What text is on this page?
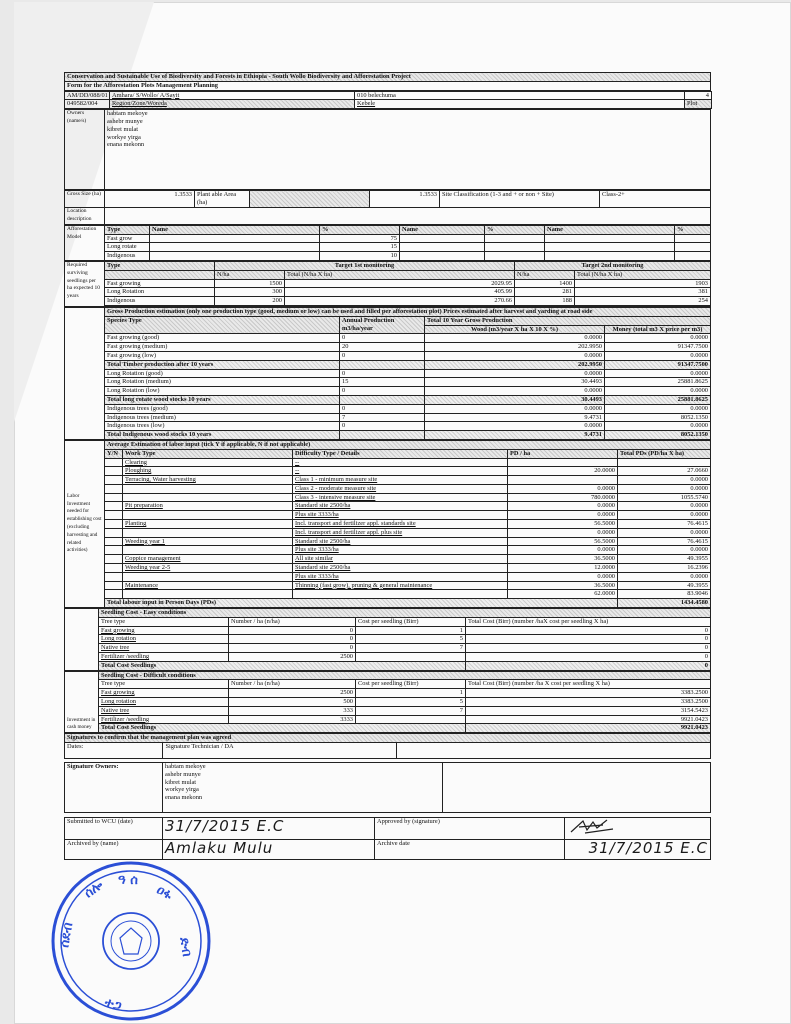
Conservation and Sustainable Use of Biodiversity and Forests in Ethiopia - South Wollo Biodiversity and Afforestation Project
Form for the Afforestation Plots Management Planning
AM/DD/088/01	Amhara/ S/Wollo/ A/Sayit	010 belechuma	4
049582/004	Region/Zone/Woreda	Kebele	Plot
Owners (name/s)	
habtam mekoye
ashebr munye
kibret mulat
workye yirga
enana mekonn
Gross Size (ha)	1.3533	Plant able Area (ha)		1.3533	Site Classification (1-3 and + or non + Site)	Class-2+
Location description						
Afforestation Model	Type	Name	%	Name	%	Name	%
	Fast grow		75				
	Long rotate		15				
	Indigenous		10				
Required surviving seedlings per ha expected 10 years	Type	Target 1st monitoring		Target 2nd monitoring	
		N/ha	Total (N/ha X ha)	N/ha	Total (N/ha X ha)
	Fast growing	1500	2029.95	1400	1903
	Long Rotation	300	405.99	281	381
	Indigenous	200	270.66	188	254

	Gross Production estimation (only one production type (good, medium or low) can be used and filled per afforestation plot) Prices estimated after harvest and yarding at road side			
	Species Type	Annual Production m3/ha/year	Total 10 Year Gross Production	
			Wood (m3/year X ha X 10 X %)	Money (total m3 X price per m3)
	Fast growing (good)	0	0.0000	0.0000
	Fast growing (medium)	20	202.9950	91347.7500
	Fast growing (low)	0	0.0000	0.0000
	Total Timber production after 10 years		202.9950	91347.7500
	Long Rotation (good)	0	0.0000	0.0000
	Long Rotation (medium)	15	30.4493	25881.8625
	Long Rotation (low)	0	0.0000	0.0000
	Total long rotate wood stocks 10 years		30.4493	25881.8625
	Indigenous trees (good)	0	0.0000	0.0000
	Indigenous trees (medium)	7	9.4731	8052.1350
	Indigenous trees (low)	0	0.0000	0.0000
	Total Indigenous wood stocks 10 years		9.4731	8052.1350
Labor Investment needed for establishing cost (excluding harvesting and related activities)	Average Estimation of labor input (tick Y if applicable, N if not applicable)				
	Y/N	Work Type	Difficulty Type / Details	PD / ha	Total PDs (PD/ha X ha)
		Clearing	--		
		Ploughing	--	20.0000	27.0660
		Terracing, Water harvesting	Class 1 - minimum measure site		0.0000
			Class 2 - moderate measure site	0.0000	0.0000
			Class 3 - intensive measure site	780.0000	1055.5740
		Pit preparation	Standard site 2500/ha	0.0000	0.0000
			Plus site 3333/ha	0.0000	0.0000
		Planting	Incl. transport and fertilizer appl. standards site	56.5000	76.4615
			Incl. transport and fertilizer appl. plus site	0.0000	0.0000
		Weeding year 1	Standard site 2500/ha	56.5000	76.4615
			Plus site 3333/ha	0.0000	0.0000
		Coppice management	All site similar	36.5000	49.3955
		Weeding year 2-5	Standard site 2500/ha	12.0000	16.2396
			Plus site 3333/ha	0.0000	0.0000
		Maintenance	Thinning (fast grow), pruning & general maintenance	36.5000	49.3955
				62.0000	83.9046
	Total labour input in Person Days (PDs)				1434.4580
	Seedling Cost - Easy conditions			
	Tree type	Number / ha (n/ha)	Cost per seedling (Birr)	Total Cost (Birr) (number /haX cost per seedling X ha)
	Fast growing	0	1	0
	Long rotation	0	5	0
	Native tree	0	7	0
	Fertilizer /seedling	2500		0
	Total Cost Seedlings			0
Investment in cash money	Seedling Cost - Difficult conditions			
	Tree type	Number / ha (n/ha)	Cost per seedling (Birr)	Total Cost (Birr) (number /ha X cost per seedling X ha)
	Fast growing	2500	1	3383.2500
	Long rotation	500	5	3383.2500
	Native tree	333	7	3154.5423
	Fertilizer /seedling	3333		9921.0423
	Total Cost Seedlings			9921.0423
Signatures to confirm that the management plan was agreed
Dates:	Signature Technician / DA	
Signature Owners:	habtam mekoye
ashebr munye
kibret mulat
workye yirga
enana mekonn

Submitted to WCU (date)	31/7/2015 E.C	Approved by (signature)	
Archived by (name)	Amlaku Mulu	Archive date	31/7/2015 E.C
ሰሎ ዓ ሰ
ዐፋ
ሰደብ	ድብ
ተጋ
